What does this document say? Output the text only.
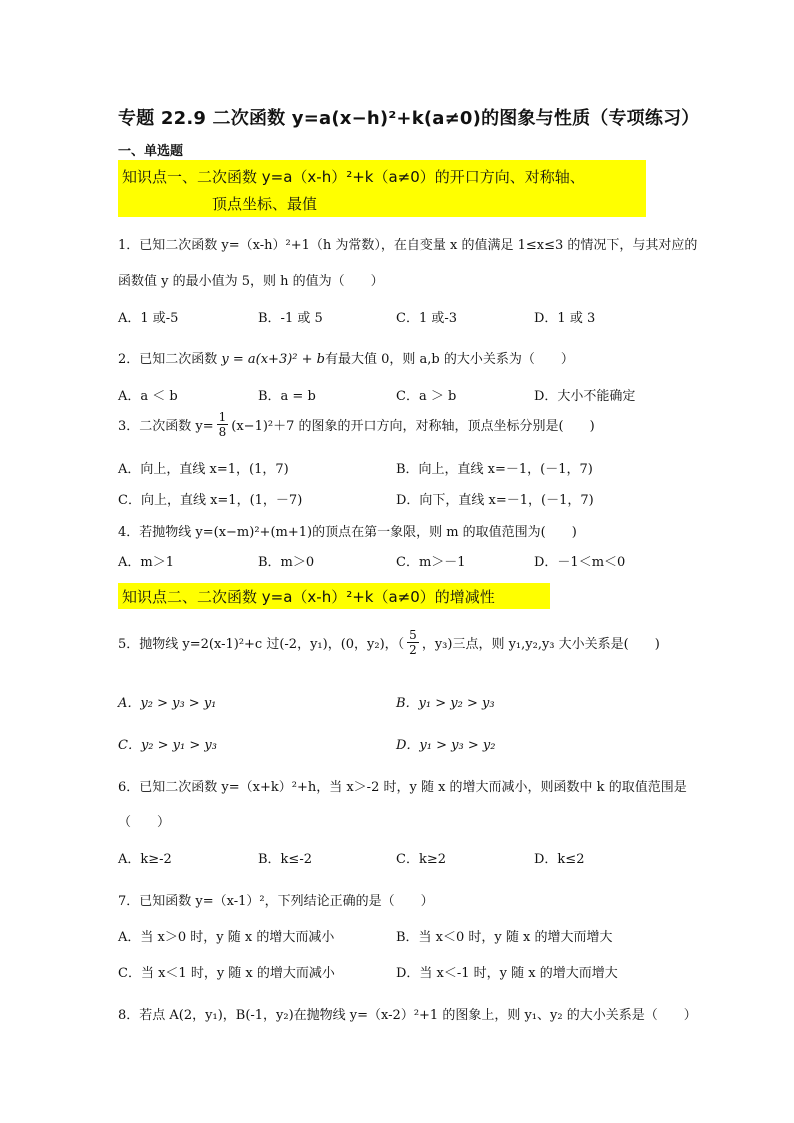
专题 22.9 二次函数 y=a(x−h)²+k(a≠0)的图象与性质（专项练习）
一、单选题
知识点一、二次函数 y=a（x-h）²+k（a≠0）的开口方向、对称轴、
顶点坐标、最值
1．已知二次函数 y=（x-h）²+1（h 为常数），在自变量 x 的值满足 1≤x≤3 的情况下，与其对应的
函数值 y 的最小值为 5，则 h 的值为（　　）
A．1 或-5	B．-1 或 5	C．1 或-3	D．1 或 3
2．已知二次函数 y = a(x+3)² + b有最大值 0，则 a,b 的大小关系为（　　）
A．a ＜ b	B．a = b	C．a ＞ b	D．大小不能确定
3．二次函数 $y= \frac{1}{8} (x-1)^2+7$ 的图象的开口方向，对称轴，顶点坐标分别是(　　)
A．向上，直线 x=1，(1，7)	B．向上，直线 x=－1，(－1，7)
C．向上，直线 x=1，(1，－7)	D．向下，直线 x=－1，(－1，7)
4．若抛物线 y=(x−m)²+(m+1)的顶点在第一象限，则 m 的取值范围为(　　)
A．m＞1	B．m＞0	C．m＞－1	D．－1＜m＜0
知识点二、二次函数 y=a（x-h）²+k（a≠0）的增减性
5．抛物线 y=2(x-1)²+c 过(-2，y₁)，(0，y₂)，（ $\frac{5}{2}$ ，y₃)三点，则 y₁,y₂,y₃ 大小关系是(　　)
A．y₂ > y₃ > y₁	B．y₁ > y₂ > y₃
C．y₂ > y₁ > y₃	D．y₁ > y₃ > y₂
6．已知二次函数 y=（x+k）²+h，当 x＞-2 时，y 随 x 的增大而减小，则函数中 k 的取值范围是
（　　）
A．k≥-2	B．k≤-2	C．k≥2	D．k≤2
7．已知函数 y=（x-1）²，下列结论正确的是（　　）
A．当 x＞0 时，y 随 x 的增大而减小	B．当 x＜0 时，y 随 x 的增大而增大
C．当 x＜1 时，y 随 x 的增大而减小	D．当 x＜-1 时，y 随 x 的增大而增大
8．若点 A(2，y₁)，B(-1，y₂)在抛物线 y=（x-2）²+1 的图象上，则 y₁、y₂ 的大小关系是（　　）
